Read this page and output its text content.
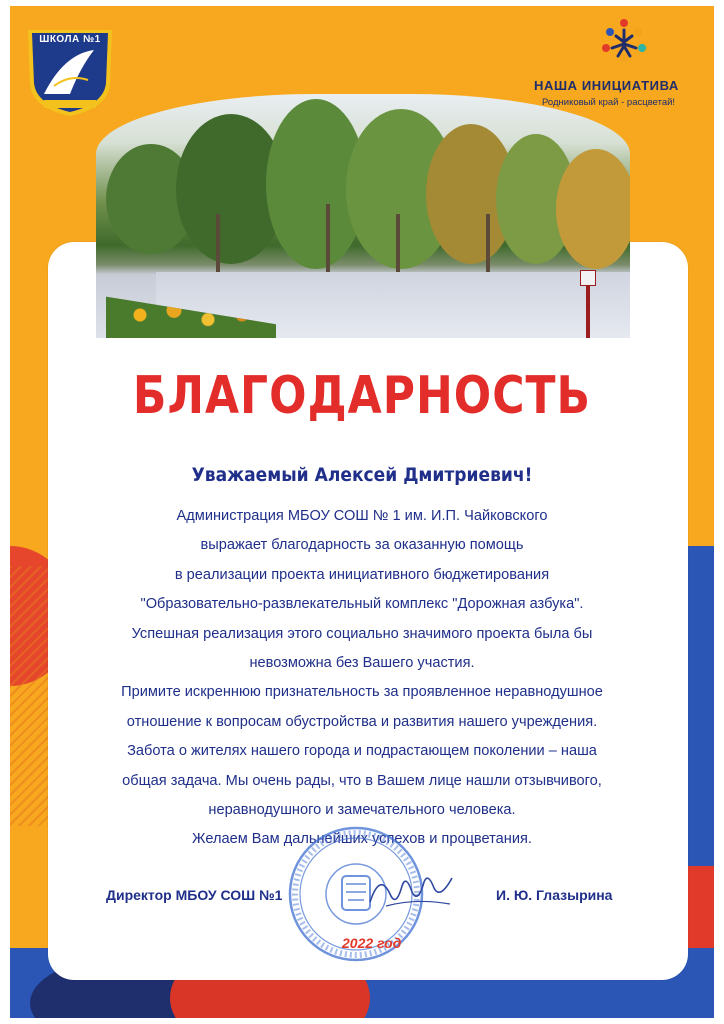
ШКОЛА №1
г. ВОЛЖСК
НАША ИНИЦИАТИВА
Родниковый край - расцветай!
БЛАГОДАРНОСТЬ
Уважаемый Алексей Дмитриевич!
Администрация МБОУ СОШ № 1 им. И.П. Чайковского
выражает благодарность за оказанную помощь
в реализации проекта инициативного бюджетирования
"Образовательно-развлекательный комплекс "Дорожная азбука".
Успешная реализация этого социально значимого проекта была бы
невозможна без Вашего участия.
Примите искреннюю признательность за проявленное неравнодушное
отношение к вопросам обустройства и развития нашего учреждения.
Забота о жителях нашего города и подрастающем поколении – наша
общая задача. Мы очень рады, что в Вашем лице нашли отзывчивого,
неравнодушного и замечательного человека.
Желаем Вам дальнейших успехов и процветания.
Директор МБОУ СОШ №1	И. Ю. Глазырина
2022 год
